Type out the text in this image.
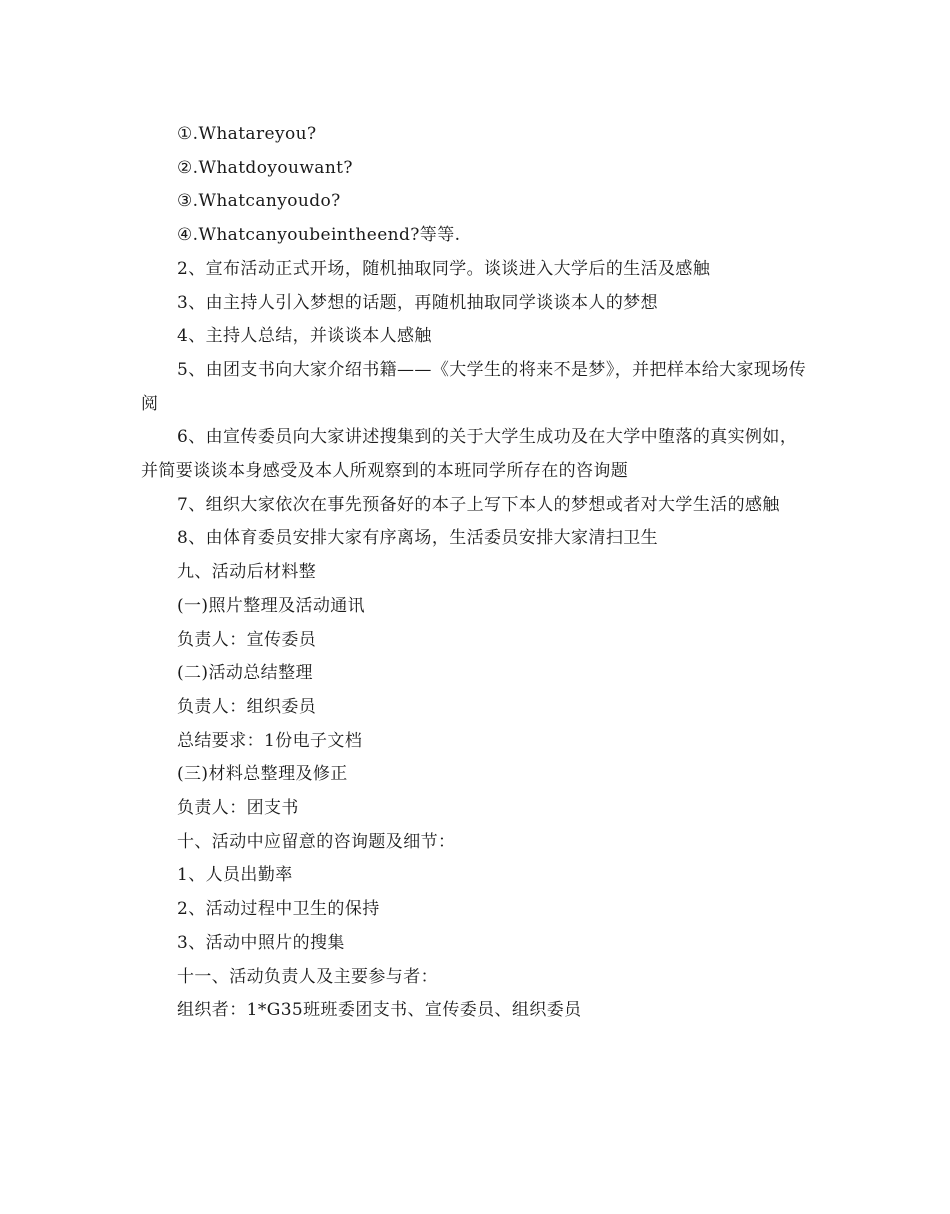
①.Whatareyou?

②.Whatdoyouwant?

③.Whatcanyoudo?

④.Whatcanyoubeintheend?等等.

2、宣布活动正式开场，随机抽取同学。谈谈进入大学后的生活及感触

3、由主持人引入梦想的话题，再随机抽取同学谈谈本人的梦想

4、主持人总结，并谈谈本人感触

5、由团支书向大家介绍书籍——《大学生的将来不是梦》，并把样本给大家现场传阅

6、由宣传委员向大家讲述搜集到的关于大学生成功及在大学中堕落的真实例如，并简要谈谈本身感受及本人所观察到的本班同学所存在的咨询题

7、组织大家依次在事先预备好的本子上写下本人的梦想或者对大学生活的感触

8、由体育委员安排大家有序离场，生活委员安排大家清扫卫生

九、活动后材料整

(一)照片整理及活动通讯

负责人：宣传委员

(二)活动总结整理

负责人：组织委员

总结要求：1份电子文档

(三)材料总整理及修正

负责人：团支书

十、活动中应留意的咨询题及细节：

1、人员出勤率

2、活动过程中卫生的保持

3、活动中照片的搜集

十一、活动负责人及主要参与者：

组织者：1*G35班班委团支书、宣传委员、组织委员
